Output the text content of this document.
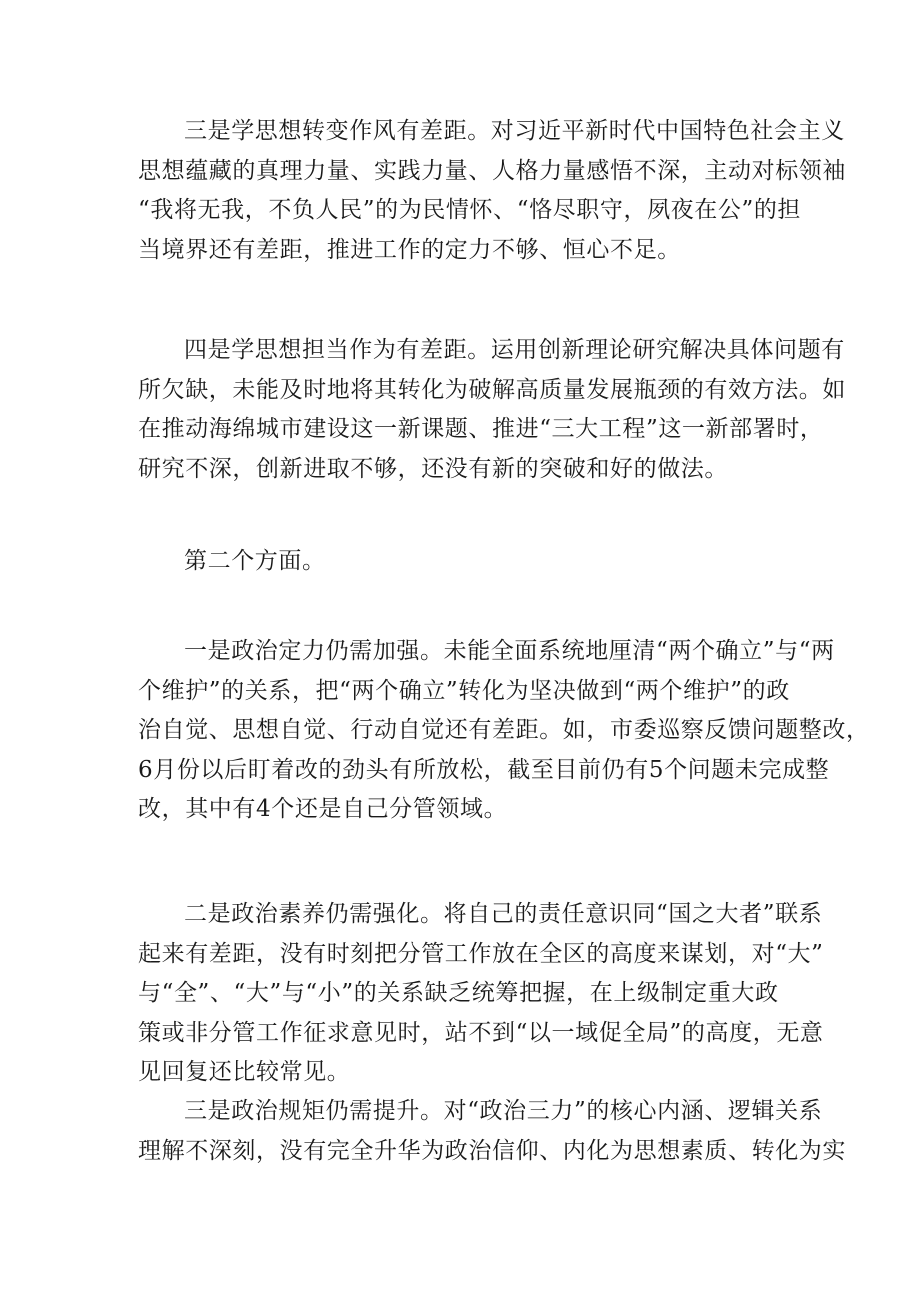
三是学思想转变作风有差距。对习近平新时代中国特色社会主义
思想蕴藏的真理力量、实践力量、人格力量感悟不深，主动对标领袖
“我将无我，不负人民”的为民情怀、“恪尽职守，夙夜在公”的担
当境界还有差距，推进工作的定力不够、恒心不足。

四是学思想担当作为有差距。运用创新理论研究解决具体问题有
所欠缺，未能及时地将其转化为破解高质量发展瓶颈的有效方法。如
在推动海绵城市建设这一新课题、推进“三大工程”这一新部署时，
研究不深，创新进取不够，还没有新的突破和好的做法。

第二个方面。

一是政治定力仍需加强。未能全面系统地厘清“两个确立”与“两
个维护”的关系，把“两个确立”转化为坚决做到“两个维护”的政
治自觉、思想自觉、行动自觉还有差距。如，市委巡察反馈问题整改，
6月份以后盯着改的劲头有所放松，截至目前仍有5个问题未完成整
改，其中有4个还是自己分管领域。

二是政治素养仍需强化。将自己的责任意识同“国之大者”联系
起来有差距，没有时刻把分管工作放在全区的高度来谋划，对“大”
与“全”、“大”与“小”的关系缺乏统筹把握，在上级制定重大政
策或非分管工作征求意见时，站不到“以一域促全局”的高度，无意
见回复还比较常见。

三是政治规矩仍需提升。对“政治三力”的核心内涵、逻辑关系
理解不深刻，没有完全升华为政治信仰、内化为思想素质、转化为实
